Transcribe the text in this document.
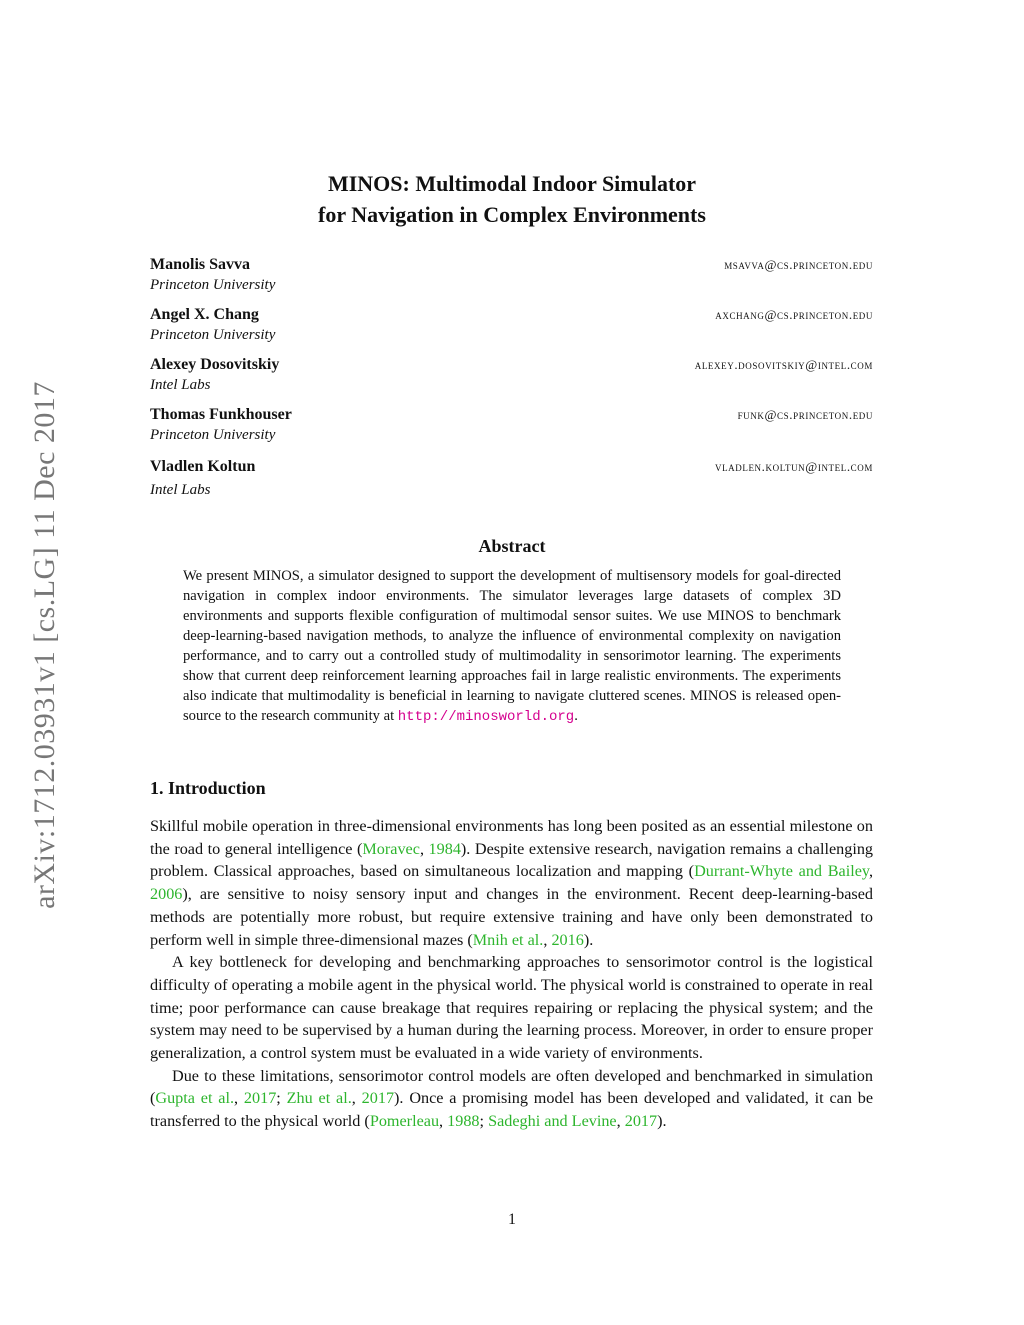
arXiv:1712.03931v1 [cs.LG] 11 Dec 2017
MINOS: Multimodal Indoor Simulator
for Navigation in Complex Environments
Manolis Savva
Princeton University
msavva@cs.princeton.edu
Angel X. Chang
Princeton University
axchang@cs.princeton.edu
Alexey Dosovitskiy
Intel Labs
alexey.dosovitskiy@intel.com
Thomas Funkhouser
Princeton University
funk@cs.princeton.edu
Vladlen Koltun
Intel Labs
vladlen.koltun@intel.com
Abstract
We present MINOS, a simulator designed to support the development of multisensory models for goal-directed navigation in complex indoor environments. The simulator leverages large datasets of complex 3D environments and supports flexible configuration of multimodal sensor suites. We use MINOS to benchmark deep-learning-based navigation methods, to analyze the influence of environmental complexity on navigation performance, and to carry out a controlled study of multimodality in sensorimotor learning. The experiments show that current deep reinforcement learning approaches fail in large realistic environments. The experiments also indicate that multimodality is beneficial in learning to navigate cluttered scenes. MINOS is released open-source to the research community at http://minosworld.org.
1. Introduction

Skillful mobile operation in three-dimensional environments has long been posited as an essential milestone on the road to general intelligence (Moravec, 1984). Despite extensive research, navigation remains a challenging problem. Classical approaches, based on simultaneous localization and mapping (Durrant-Whyte and Bailey, 2006), are sensitive to noisy sensory input and changes in the environment. Recent deep-learning-based methods are potentially more robust, but require extensive training and have only been demonstrated to perform well in simple three-dimensional mazes (Mnih et al., 2016).

A key bottleneck for developing and benchmarking approaches to sensorimotor control is the logistical difficulty of operating a mobile agent in the physical world. The physical world is constrained to operate in real time; poor performance can cause breakage that requires repairing or replacing the physical system; and the system may need to be supervised by a human during the learning process. Moreover, in order to ensure proper generalization, a control system must be evaluated in a wide variety of environments.

Due to these limitations, sensorimotor control models are often developed and benchmarked in simulation (Gupta et al., 2017; Zhu et al., 2017). Once a promising model has been developed and validated, it can be transferred to the physical world (Pomerleau, 1988; Sadeghi and Levine, 2017).

1
